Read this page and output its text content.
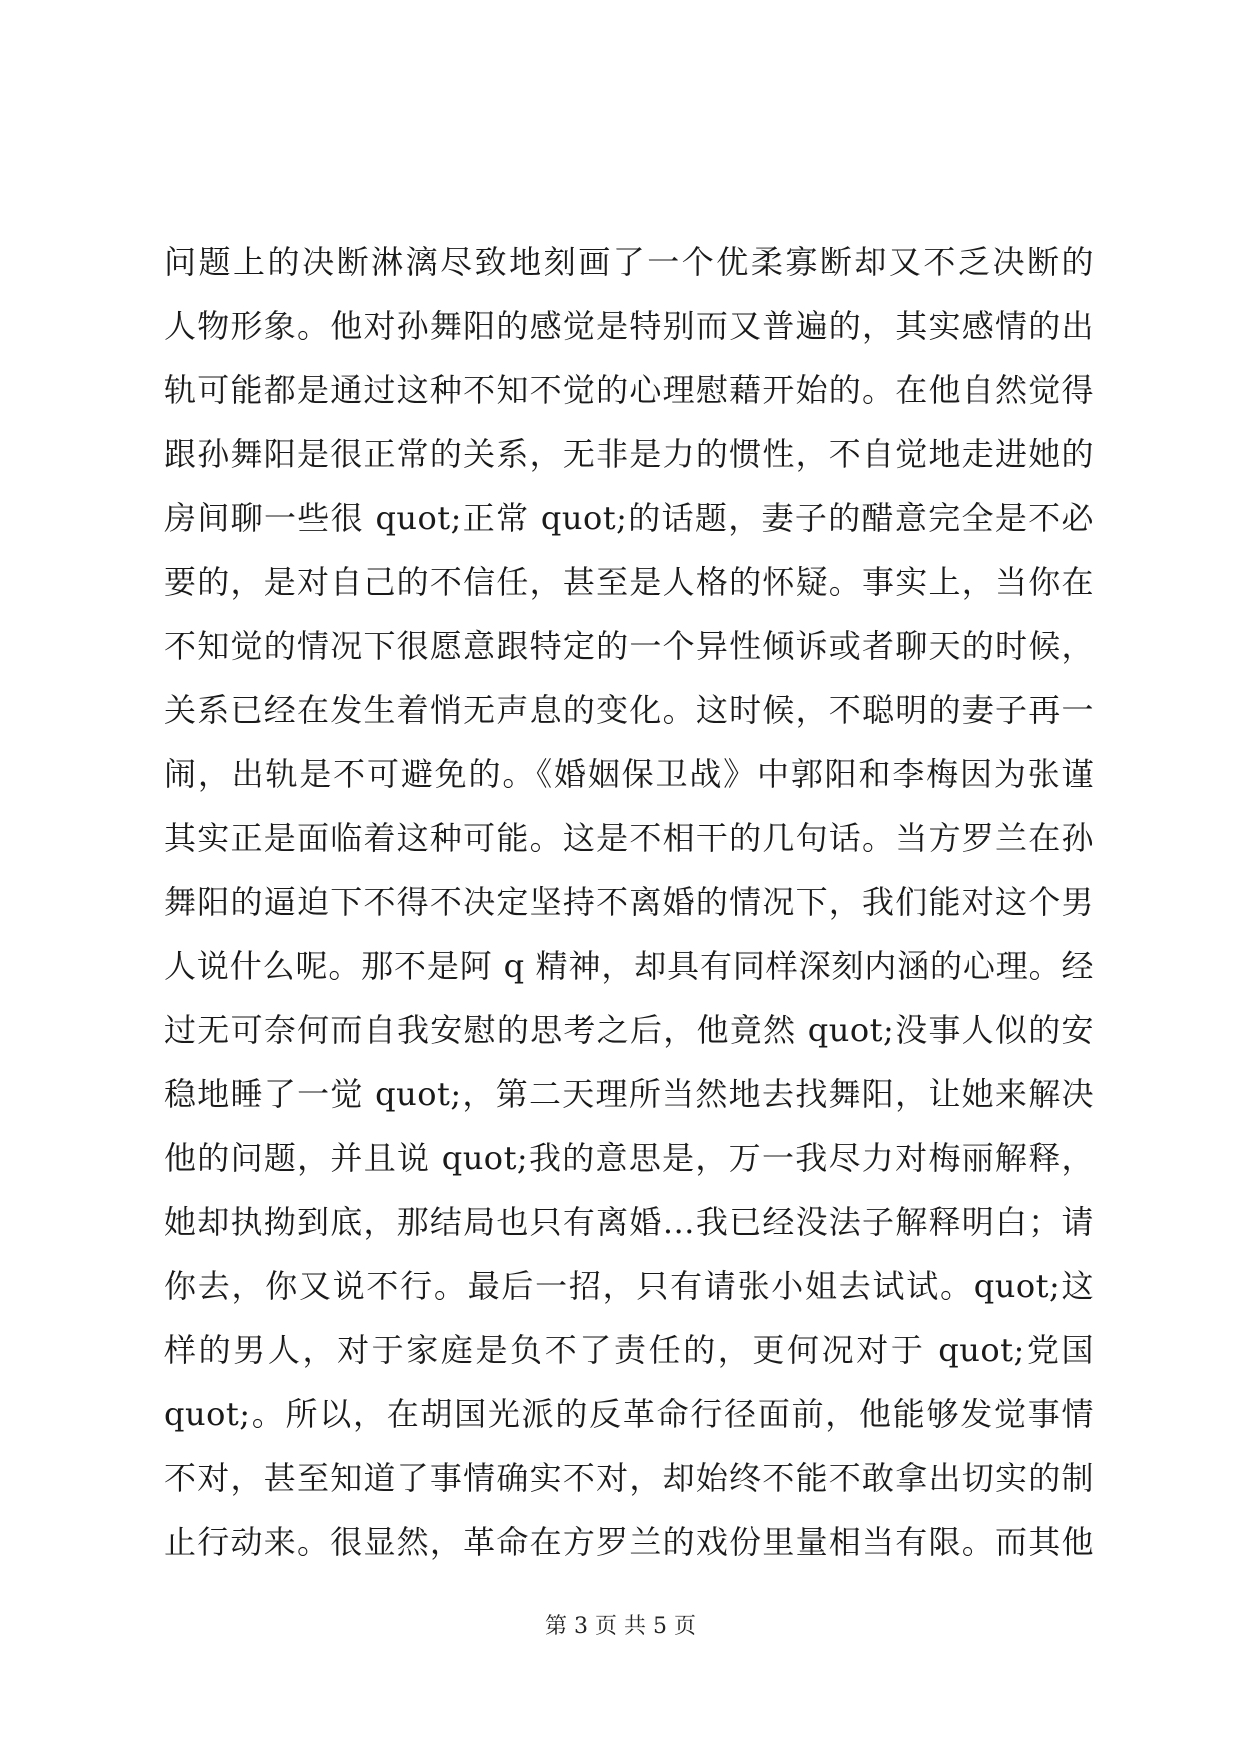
问题上的决断淋漓尽致地刻画了一个优柔寡断却又不乏决断的
人物形象。他对孙舞阳的感觉是特别而又普遍的，其实感情的出
轨可能都是通过这种不知不觉的心理慰藉开始的。在他自然觉得
跟孙舞阳是很正常的关系，无非是力的惯性，不自觉地走进她的
房间聊一些很 quot;正常 quot;的话题，妻子的醋意完全是不必
要的，是对自己的不信任，甚至是人格的怀疑。事实上，当你在
不知觉的情况下很愿意跟特定的一个异性倾诉或者聊天的时候，
关系已经在发生着悄无声息的变化。这时候，不聪明的妻子再一
闹，出轨是不可避免的。《婚姻保卫战》中郭阳和李梅因为张谨
其实正是面临着这种可能。这是不相干的几句话。当方罗兰在孙
舞阳的逼迫下不得不决定坚持不离婚的情况下，我们能对这个男
人说什么呢。那不是阿 q 精神，却具有同样深刻内涵的心理。经
过无可奈何而自我安慰的思考之后，他竟然 quot;没事人似的安
稳地睡了一觉 quot;，第二天理所当然地去找舞阳，让她来解决
他的问题，并且说 quot;我的意思是，万一我尽力对梅丽解释，
她却执拗到底，那结局也只有离婚…我已经没法子解释明白；请
你去，你又说不行。最后一招，只有请张小姐去试试。quot;这
样的男人，对于家庭是负不了责任的，更何况对于 quot;党国
quot;。所以，在胡国光派的反革命行径面前，他能够发觉事情
不对，甚至知道了事情确实不对，却始终不能不敢拿出切实的制
止行动来。很显然，革命在方罗兰的戏份里量相当有限。而其他
第 3 页 共 5 页
